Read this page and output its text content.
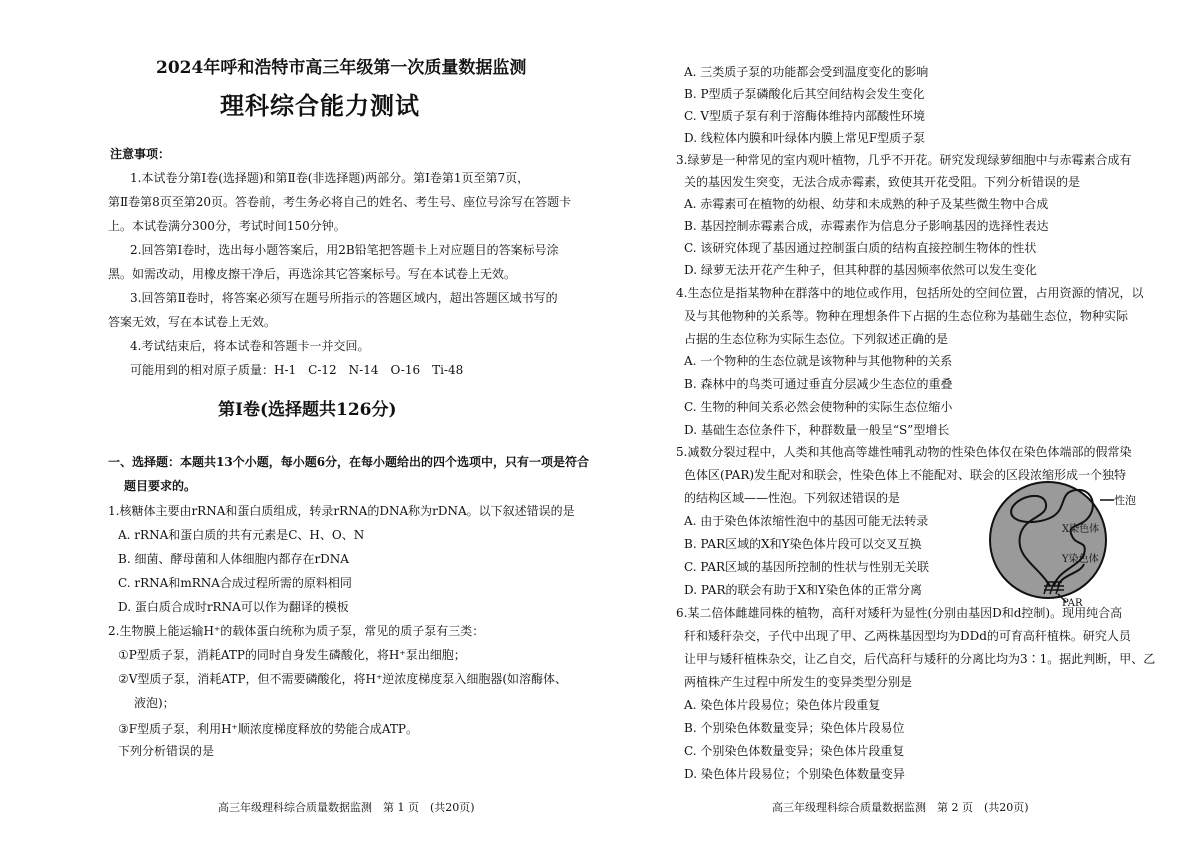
2024年呼和浩特市高三年级第一次质量数据监测
理科综合能力测试
注意事项：
1.本试卷分第Ⅰ卷(选择题)和第Ⅱ卷(非选择题)两部分。第Ⅰ卷第1页至第7页，
第Ⅱ卷第8页至第20页。答卷前，考生务必将自己的姓名、考生号、座位号涂写在答题卡
上。本试卷满分300分，考试时间150分钟。
2.回答第Ⅰ卷时，选出每小题答案后，用2B铅笔把答题卡上对应题目的答案标号涂
黑。如需改动，用橡皮擦干净后，再选涂其它答案标号。写在本试卷上无效。
3.回答第Ⅱ卷时，将答案必须写在题号所指示的答题区域内，超出答题区域书写的
答案无效，写在本试卷上无效。
4.考试结束后，将本试卷和答题卡一并交回。
可能用到的相对原子质量：H-1　C-12　N-14　O-16　Ti-48
第Ⅰ卷(选择题共126分)
一、选择题：本题共13个小题，每小题6分，在每小题给出的四个选项中，只有一项是符合
题目要求的。
1.核糖体主要由rRNA和蛋白质组成，转录rRNA的DNA称为rDNA。以下叙述错误的是
A. rRNA和蛋白质的共有元素是C、H、O、N
B. 细菌、酵母菌和人体细胞内都存在rDNA
C. rRNA和mRNA合成过程所需的原料相同
D. 蛋白质合成时rRNA可以作为翻译的模板
2.生物膜上能运输H⁺的载体蛋白统称为质子泵，常见的质子泵有三类：
①P型质子泵，消耗ATP的同时自身发生磷酸化，将H⁺泵出细胞；
②V型质子泵，消耗ATP，但不需要磷酸化，将H⁺逆浓度梯度泵入细胞器(如溶酶体、
液泡)；
③F型质子泵，利用H⁺顺浓度梯度释放的势能合成ATP。
下列分析错误的是
高三年级理科综合质量数据监测　第 1 页　(共20页)
A. 三类质子泵的功能都会受到温度变化的影响
B. P型质子泵磷酸化后其空间结构会发生变化
C. V型质子泵有利于溶酶体维持内部酸性环境
D. 线粒体内膜和叶绿体内膜上常见F型质子泵
3.绿萝是一种常见的室内观叶植物，几乎不开花。研究发现绿萝细胞中与赤霉素合成有
关的基因发生突变，无法合成赤霉素，致使其开花受阻。下列分析错误的是
A. 赤霉素可在植物的幼根、幼芽和未成熟的种子及某些微生物中合成
B. 基因控制赤霉素合成，赤霉素作为信息分子影响基因的选择性表达
C. 该研究体现了基因通过控制蛋白质的结构直接控制生物体的性状
D. 绿萝无法开花产生种子，但其种群的基因频率依然可以发生变化
4.生态位是指某物种在群落中的地位或作用，包括所处的空间位置，占用资源的情况，以
及与其他物种的关系等。物种在理想条件下占据的生态位称为基础生态位，物种实际
占据的生态位称为实际生态位。下列叙述正确的是
A. 一个物种的生态位就是该物种与其他物种的关系
B. 森林中的鸟类可通过垂直分层减少生态位的重叠
C. 生物的种间关系必然会使物种的实际生态位缩小
D. 基础生态位条件下，种群数量一般呈“S”型增长
5.减数分裂过程中，人类和其他高等雄性哺乳动物的性染色体仅在染色体端部的假常染
色体区(PAR)发生配对和联会，性染色体上不能配对、联会的区段浓缩形成一个独特
的结构区域——性泡。下列叙述错误的是
A. 由于染色体浓缩性泡中的基因可能无法转录
B. PAR区域的X和Y染色体片段可以交叉互换
C. PAR区域的基因所控制的性状与性别无关联
D. PAR的联会有助于X和Y染色体的正常分离
性泡
X染色体
Y染色体
PAR
6.某二倍体雌雄同株的植物，高秆对矮秆为显性(分别由基因D和d控制)。现用纯合高
秆和矮秆杂交，子代中出现了甲、乙两株基因型均为DDd的可育高秆植株。研究人员
让甲与矮秆植株杂交，让乙自交，后代高秆与矮秆的分离比均为3∶1。据此判断，甲、乙
两植株产生过程中所发生的变异类型分别是
A. 染色体片段易位；染色体片段重复
B. 个别染色体数量变异；染色体片段易位
C. 个别染色体数量变异；染色体片段重复
D. 染色体片段易位；个别染色体数量变异
高三年级理科综合质量数据监测　第 2 页　(共20页)
